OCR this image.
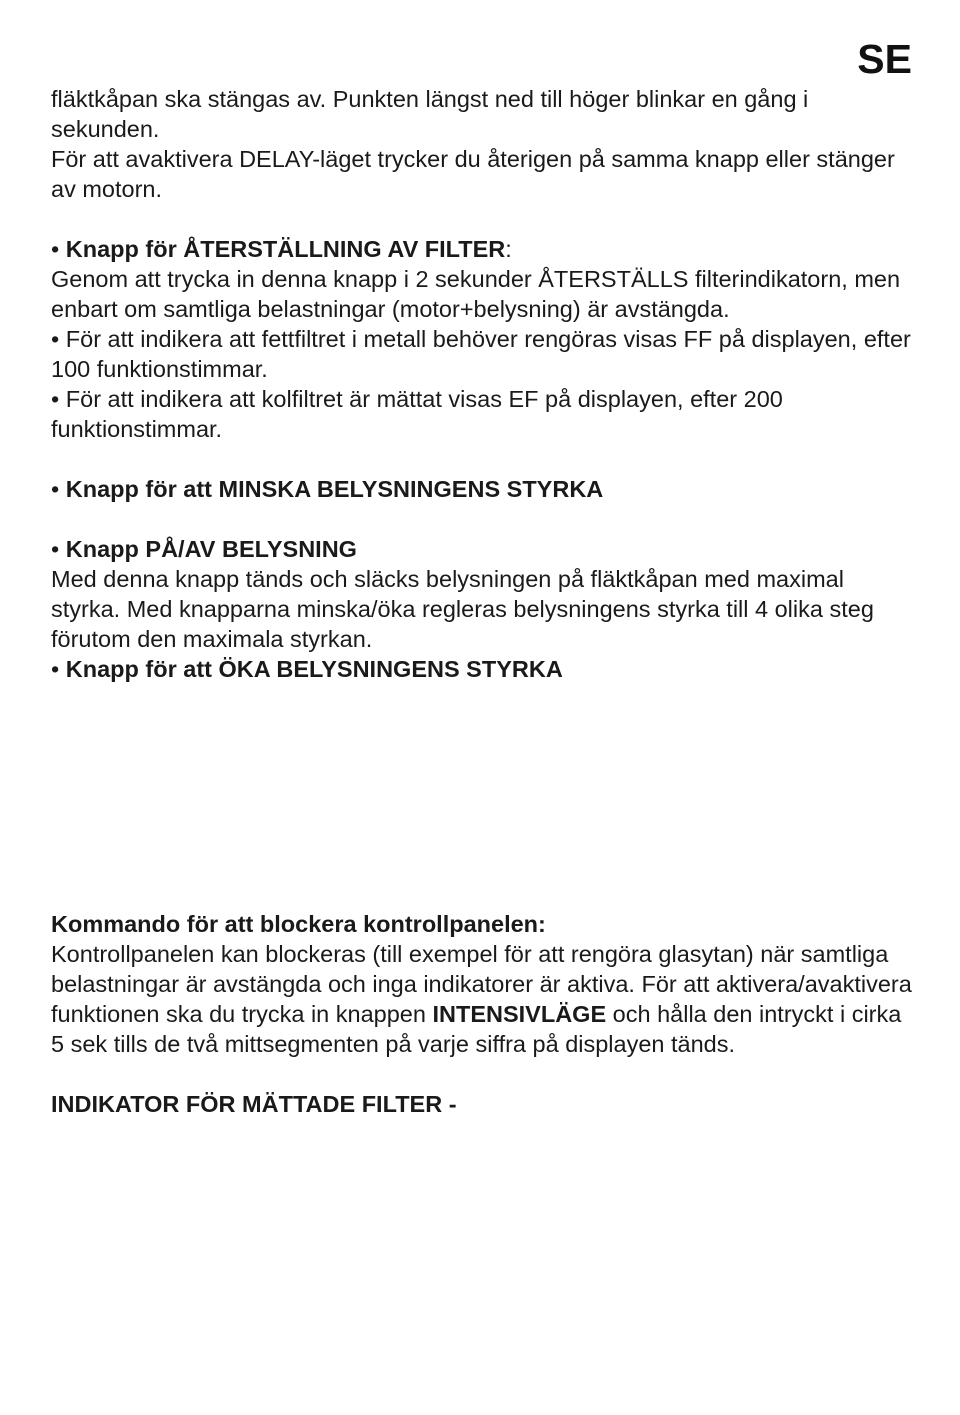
SE

fläktkåpan ska stängas av. Punkten längst ned till höger blinkar en gång i sekunden.

För att avaktivera DELAY-läget trycker du återigen på samma knapp eller stänger av motorn.

• Knapp för ÅTERSTÄLLNING AV FILTER:

Genom att trycka in denna knapp i 2 sekunder ÅTERSTÄLLS filterindikatorn, men enbart om samtliga belastningar (motor+belysning) är avstängda.

• För att indikera att fettfiltret i metall behöver rengöras visas FF på displayen, efter 100 funktionstimmar.

• För att indikera att kolfiltret är mättat visas EF på displayen, efter 200 funktionstimmar.

• Knapp för att MINSKA BELYSNINGENS STYRKA

• Knapp PÅ/AV BELYSNING

Med denna knapp tänds och släcks belysningen på fläktkåpan med maximal styrka. Med knapparna minska/öka regleras belysningens styrka till 4 olika steg förutom den maximala styrkan.

• Knapp för att ÖKA BELYSNINGENS STYRKA

Kommando för att blockera kontrollpanelen:

Kontrollpanelen kan blockeras (till exempel för att rengöra glasytan) när samtliga belastningar är avstängda och inga indikatorer är aktiva. För att aktivera/avaktivera funktionen ska du trycka in knappen INTENSIVLÄGE och hålla den intryckt i cirka 5 sek tills de två mittsegmenten på varje siffra på displayen tänds.

INDIKATOR FÖR MÄTTADE FILTER -
